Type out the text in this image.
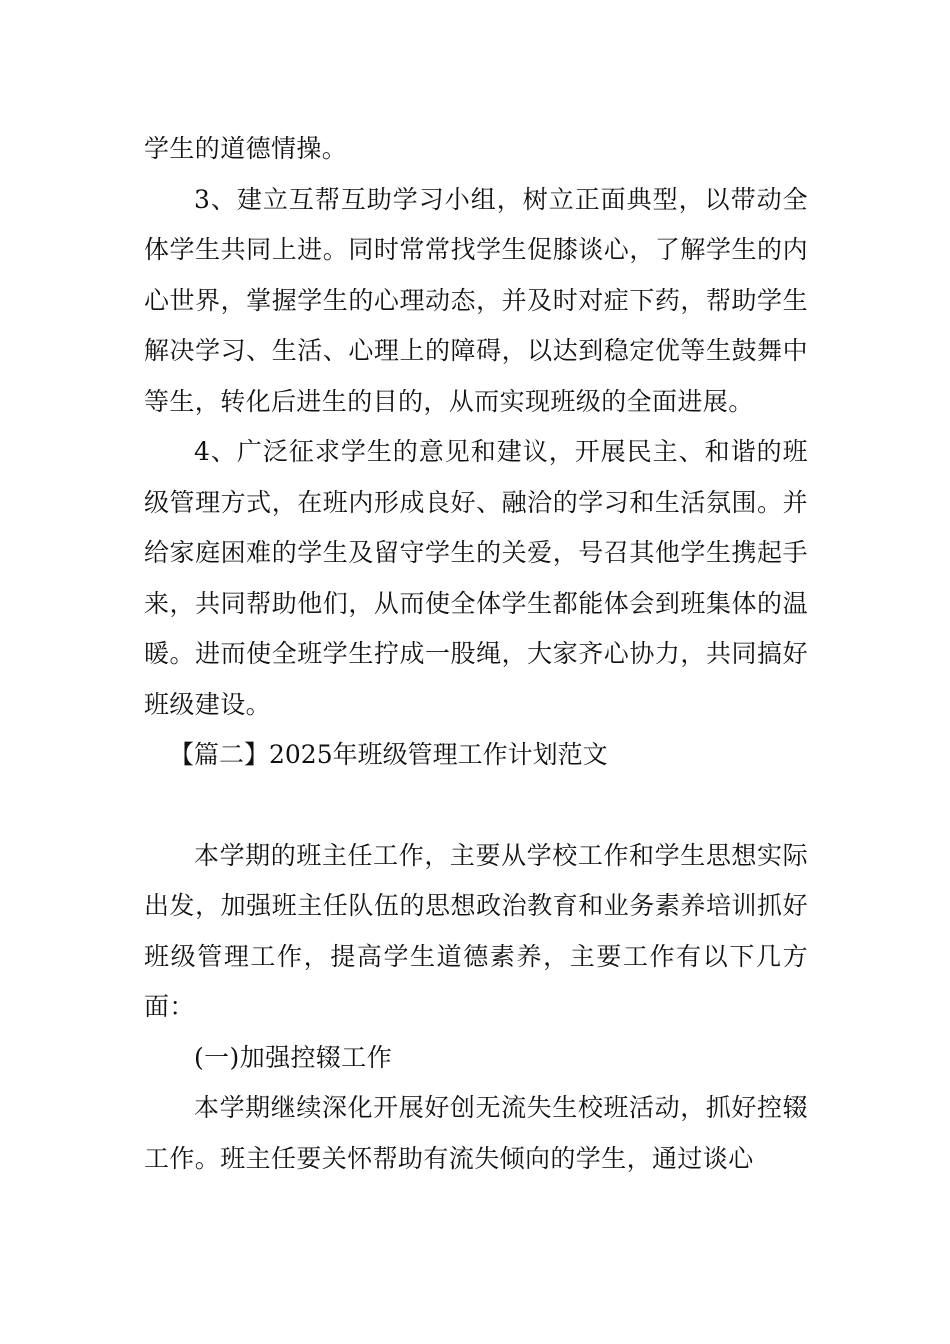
学生的道德情操。

3、建立互帮互助学习小组，树立正面典型，以带动全体学生共同上进。同时常常找学生促膝谈心，了解学生的内心世界，掌握学生的心理动态，并及时对症下药，帮助学生解决学习、生活、心理上的障碍，以达到稳定优等生鼓舞中等生，转化后进生的目的，从而实现班级的全面进展。

4、广泛征求学生的意见和建议，开展民主、和谐的班级管理方式，在班内形成良好、融洽的学习和生活氛围。并给家庭困难的学生及留守学生的关爱，号召其他学生携起手来，共同帮助他们，从而使全体学生都能体会到班集体的温暖。进而使全班学生拧成一股绳，大家齐心协力，共同搞好班级建设。

【篇二】2025年班级管理工作计划范文

本学期的班主任工作，主要从学校工作和学生思想实际出发，加强班主任队伍的思想政治教育和业务素养培训抓好班级管理工作，提高学生道德素养，主要工作有以下几方面：

(一)加强控辍工作

本学期继续深化开展好创无流失生校班活动，抓好控辍工作。班主任要关怀帮助有流失倾向的学生，通过谈心
